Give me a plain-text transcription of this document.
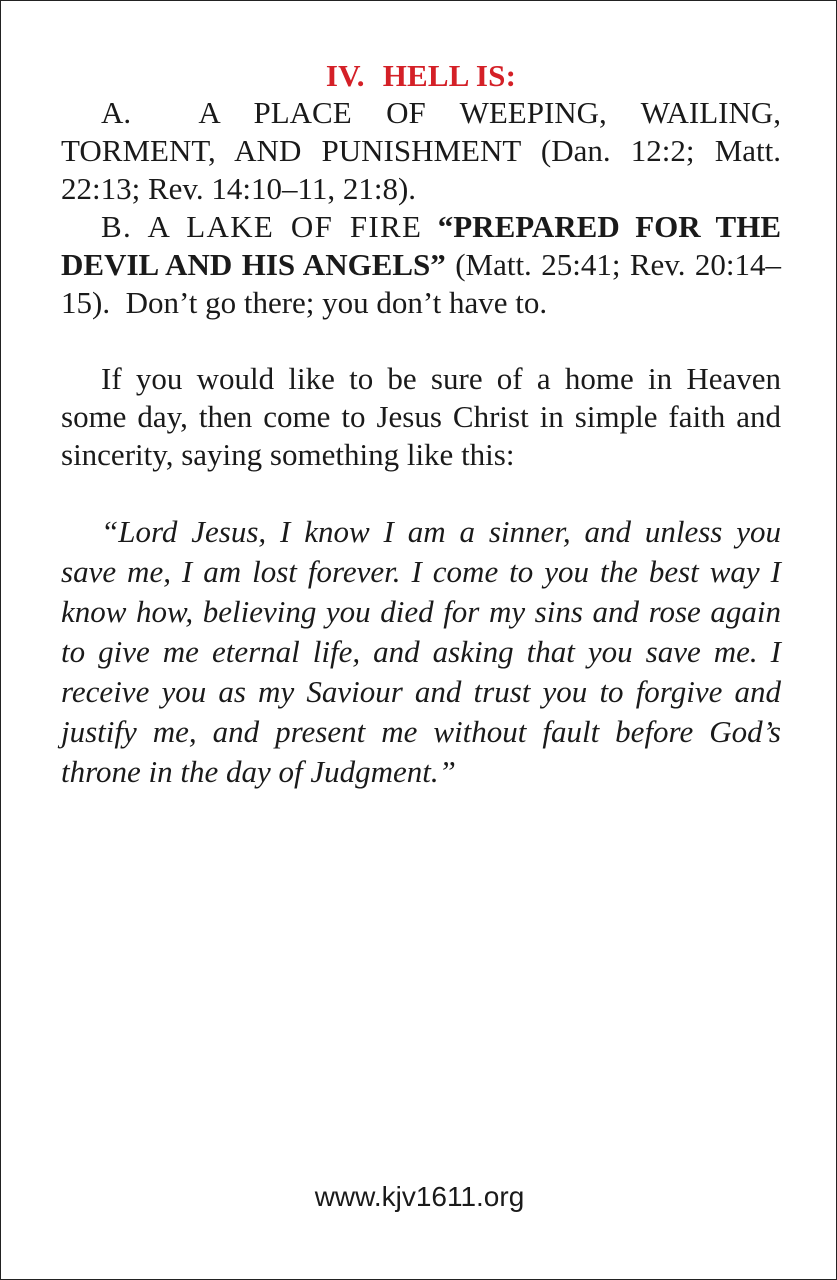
IV. HELL IS:

A. A PLACE OF WEEPING, WAILING, TORMENT, AND PUNISHMENT (Dan. 12:2; Matt. 22:13; Rev. 14:10–11, 21:8).

B. A LAKE OF FIRE “PREPARED FOR THE DEVIL AND HIS ANGELS” (Matt. 25:41; Rev. 20:14–15). Don’t go there; you don’t have to.

If you would like to be sure of a home in Heaven some day, then come to Jesus Christ in simple faith and sincerity, saying something like this:

“Lord Jesus, I know I am a sinner, and unless you save me, I am lost forever. I come to you the best way I know how, believing you died for my sins and rose again to give me eternal life, and asking that you save me. I receive you as my Saviour and trust you to forgive and justify me, and present me without fault before God’s throne in the day of Judgment.”

www.kjv1611.org
